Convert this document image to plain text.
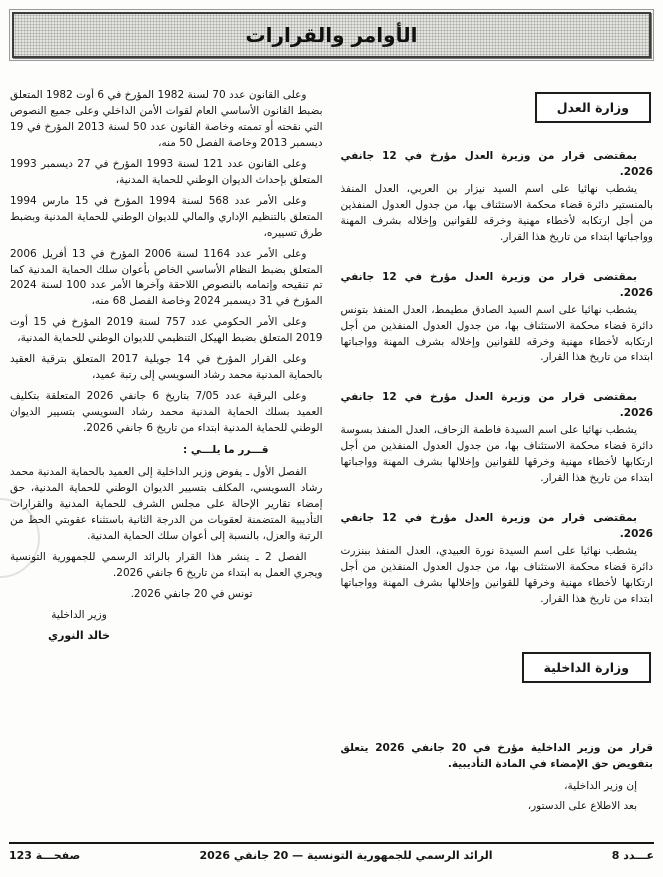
الأوامر والقرارات
وزارة العدل

بمقتضى قرار من وزيرة العدل مؤرخ في 12 جانفي 2026.

يشطب نهائيا على اسم السيد نيزار بن العربي، العدل المنفذ بالمنستير دائرة قضاء محكمة الاستئناف بها، من جدول العدول المنفذين من أجل ارتكابه لأخطاء مهنية وخرقه للقوانين وإخلاله بشرف المهنة وواجباتها ابتداء من تاريخ هذا القرار.

بمقتضى قرار من وزيرة العدل مؤرخ في 12 جانفي 2026.

يشطب نهائيا على اسم السيد الصادق مطيمط، العدل المنفذ بتونس دائرة قضاء محكمة الاستئناف بها، من جدول العدول المنفذين من أجل ارتكابه لأخطاء مهنية وخرقه للقوانين وإخلاله بشرف المهنة وواجباتها ابتداء من تاريخ هذا القرار.

بمقتضى قرار من وزيرة العدل مؤرخ في 12 جانفي 2026.

يشطب نهائيا على اسم السيدة فاطمة الزحاف، العدل المنفذ بسوسة دائرة قضاء محكمة الاستئناف بها، من جدول العدول المنفذين من أجل ارتكابها لأخطاء مهنية وخرقها للقوانين وإخلالها بشرف المهنة وواجباتها ابتداء من تاريخ هذا القرار.

بمقتضى قرار من وزيرة العدل مؤرخ في 12 جانفي 2026.

يشطب نهائيا على اسم السيدة نورة العبيدي، العدل المنفذ ببنزرت دائرة قضاء محكمة الاستئناف بها، من جدول العدول المنفذين من أجل ارتكابها لأخطاء مهنية وخرقها للقوانين وإخلالها بشرف المهنة وواجباتها ابتداء من تاريخ هذا القرار.

وزارة الداخلية

قرار من وزير الداخلية مؤرخ في 20 جانفي 2026 يتعلق بتفويض حق الإمضاء في المادة التأديبية.

إن وزير الداخلية،

بعد الاطلاع على الدستور،

وعلى القانون عدد 70 لسنة 1982 المؤرخ في 6 أوت 1982 المتعلق بضبط القانون الأساسي العام لقوات الأمن الداخلي وعلى جميع النصوص التي نقحته أو تممته وخاصة القانون عدد 50 لسنة 2013 المؤرخ في 19 ديسمبر 2013 وخاصة الفصل 50 منه،

وعلى القانون عدد 121 لسنة 1993 المؤرخ في 27 ديسمبر 1993 المتعلق بإحداث الديوان الوطني للحماية المدنية،

وعلى الأمر عدد 568 لسنة 1994 المؤرخ في 15 مارس 1994 المتعلق بالتنظيم الإداري والمالي للديوان الوطني للحماية المدنية وبضبط طرق تسييره،

وعلى الأمر عدد 1164 لسنة 2006 المؤرخ في 13 أفريل 2006 المتعلق بضبط النظام الأساسي الخاص بأعوان سلك الحماية المدنية كما تم تنقيحه وإتمامه بالنصوص اللاحقة وآخرها الأمر عدد 100 لسنة 2024 المؤرخ في 31 ديسمبر 2024 وخاصة الفصل 68 منه،

وعلى الأمر الحكومي عدد 757 لسنة 2019 المؤرخ في 15 أوت 2019 المتعلق بضبط الهيكل التنظيمي للديوان الوطني للحماية المدنية،

وعلى القرار المؤرخ في 14 جويلية 2017 المتعلق بترقية العقيد بالحماية المدنية محمد رشاد السويسي إلى رتبة عميد،

وعلى البرقية عدد 7/05 بتاريخ 6 جانفي 2026 المتعلقة بتكليف العميد بسلك الحماية المدنية محمد رشاد السويسي بتسيير الديوان الوطني للحماية المدنية ابتداء من تاريخ 6 جانفي 2026.

قـــرر ما يلـــي :

الفصل الأول ـ يفوض وزير الداخلية إلى العميد بالحماية المدنية محمد رشاد السويسي، المكلف بتسيير الديوان الوطني للحماية المدنية، حق إمضاء تقارير الإحالة على مجلس الشرف للحماية المدنية والقرارات التأديبية المتضمنة لعقوبات من الدرجة الثانية باستثناء عقوبتي الحط من الرتبة والعزل، بالنسبة إلى أعوان سلك الحماية المدنية.

الفصل 2 ـ ينشر هذا القرار بالرائد الرسمي للجمهورية التونسية ويجري العمل به ابتداء من تاريخ 6 جانفي 2026.

تونس في 20 جانفي 2026.

وزير الداخلية
خالد النوري
عـــدد 8
الرائد الرسمي للجمهورية التونسية — 20 جانفي 2026
صفحـــة 123
